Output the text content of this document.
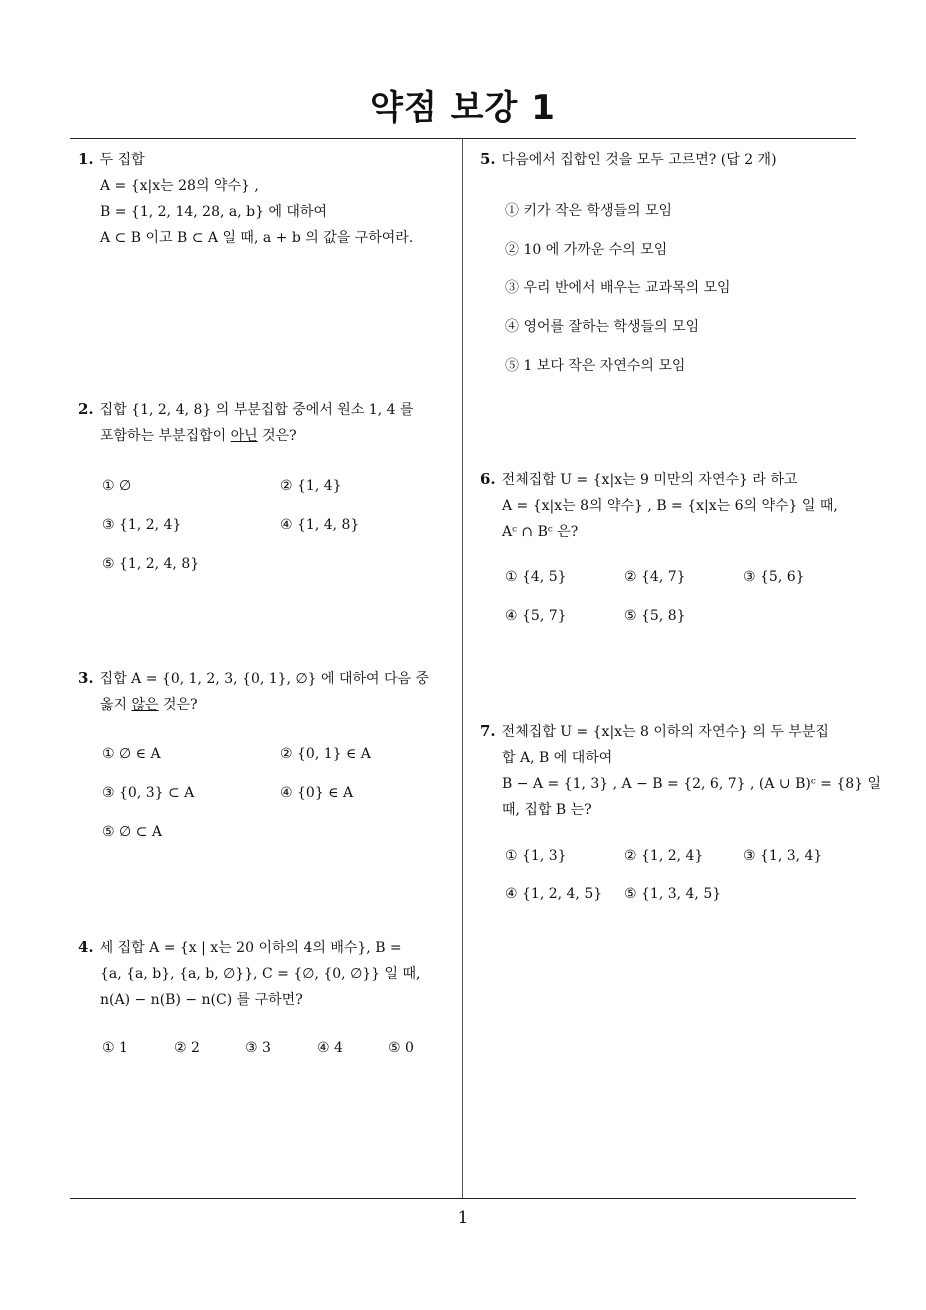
약점 보강 1
1. 두 집합
A = {x|x는 28의 약수} ,
B = {1, 2, 14, 28, a, b} 에 대하여
A ⊂ B 이고 B ⊂ A 일 때, a + b 의 값을 구하여라.
2. 집합 {1, 2, 4, 8} 의 부분집합 중에서 원소 1, 4 를
포함하는 부분집합이 아닌 것은?
① ∅	② {1, 4}
③ {1, 2, 4}	④ {1, 4, 8}
⑤ {1, 2, 4, 8}
3. 집합 A = {0, 1, 2, 3, {0, 1}, ∅} 에 대하여 다음 중
옳지 않은 것은?
① ∅ ∈ A	② {0, 1} ∈ A
③ {0, 3} ⊂ A	④ {0} ∈ A
⑤ ∅ ⊂ A
4. 세 집합 A = {x | x는 20 이하의 4의 배수}, B =
{a, {a, b}, {a, b, ∅}}, C = {∅, {0, ∅}} 일 때,
n(A) − n(B) − n(C) 를 구하면?
① 1	② 2	③ 3	④ 4	⑤ 0
5. 다음에서 집합인 것을 모두 고르면? (답 2 개)
① 키가 작은 학생들의 모임
② 10 에 가까운 수의 모임
③ 우리 반에서 배우는 교과목의 모임
④ 영어를 잘하는 학생들의 모임
⑤ 1 보다 작은 자연수의 모임
6. 전체집합 U = {x|x는 9 미만의 자연수} 라 하고
A = {x|x는 8의 약수} , B = {x|x는 6의 약수} 일 때,
Aᶜ ∩ Bᶜ 은?
① {4, 5}	② {4, 7}	③ {5, 6}
④ {5, 7}	⑤ {5, 8}
7. 전체집합 U = {x|x는 8 이하의 자연수} 의 두 부분집
합 A, B 에 대하여
B − A = {1, 3} , A − B = {2, 6, 7} , (A ∪ B)ᶜ = {8} 일
때, 집합 B 는?
① {1, 3}	② {1, 2, 4}	③ {1, 3, 4}
④ {1, 2, 4, 5} ⑤ {1, 3, 4, 5}
1
